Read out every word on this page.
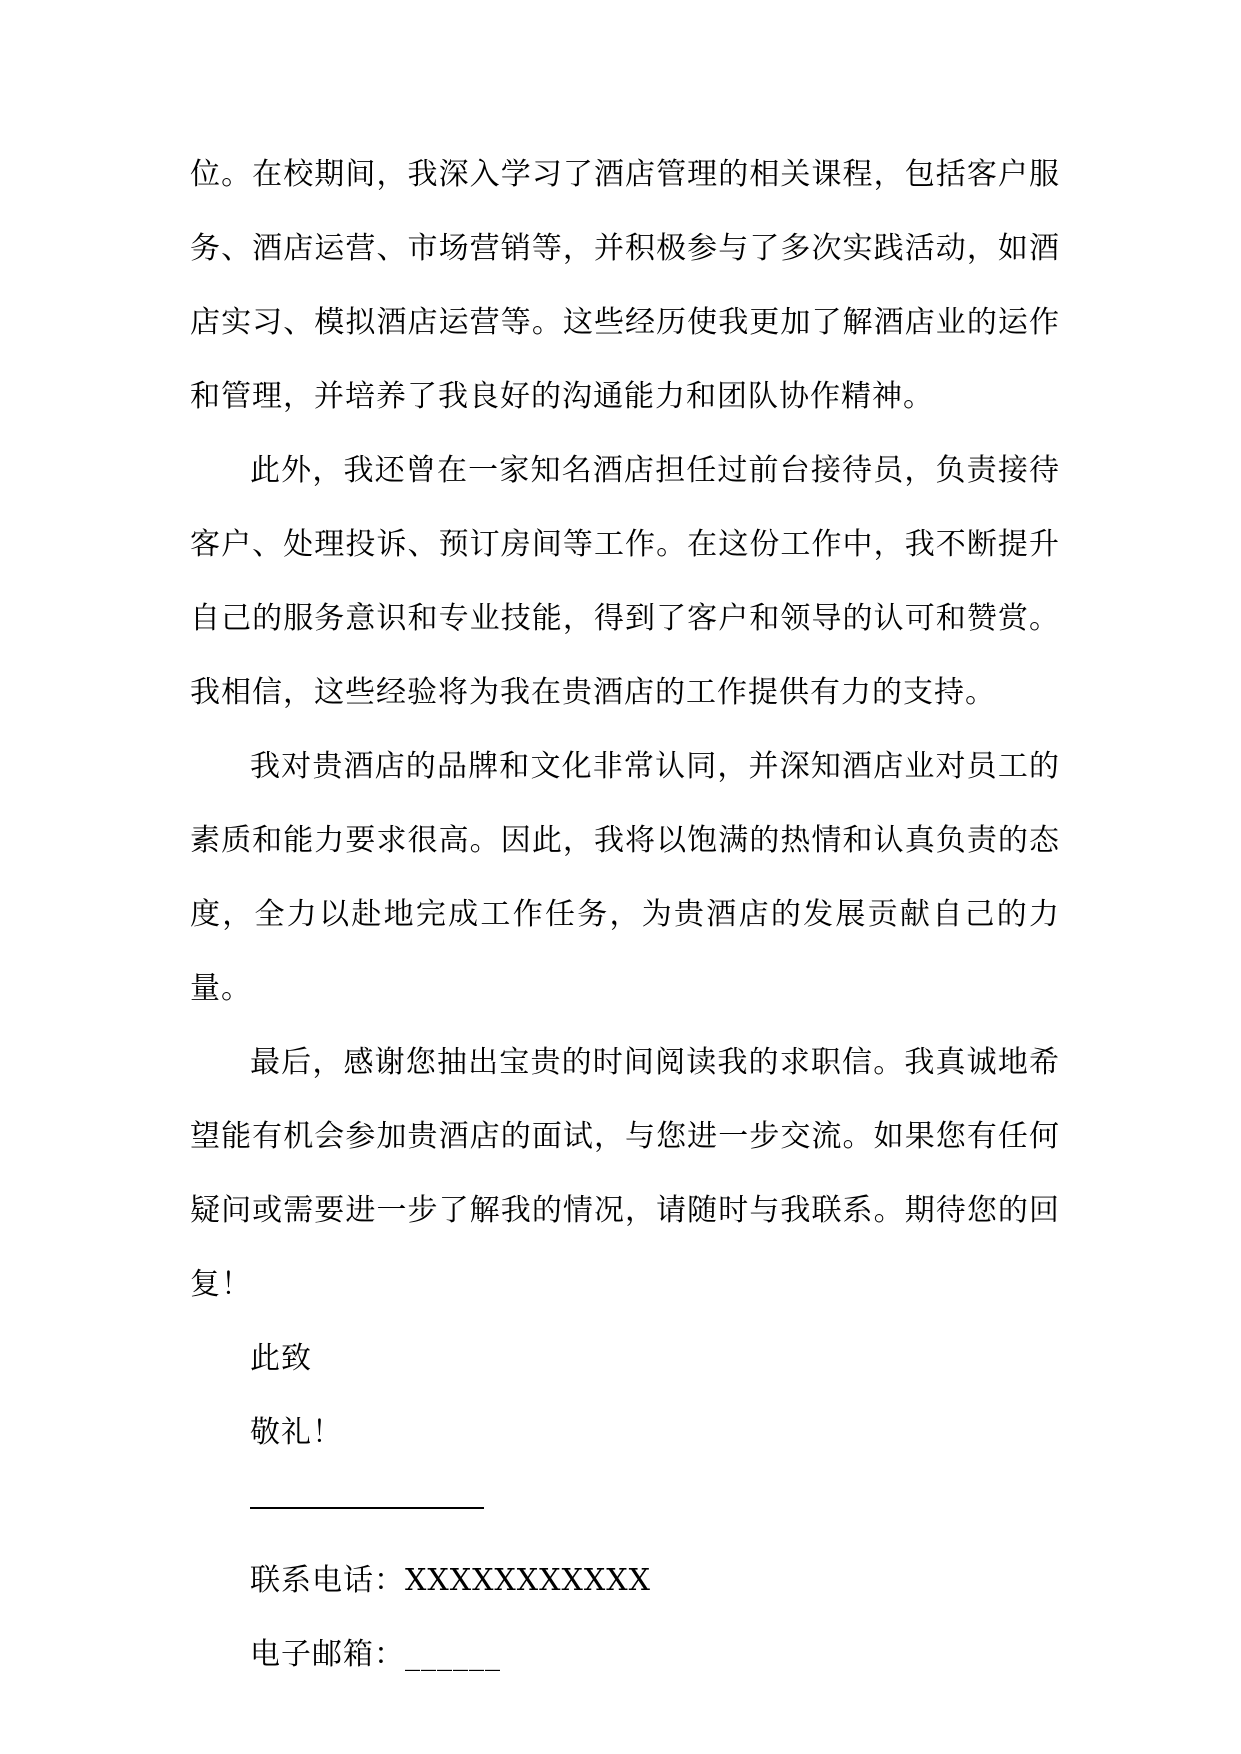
位。在校期间，我深入学习了酒店管理的相关课程，包括客户服务、酒店运营、市场营销等，并积极参与了多次实践活动，如酒店实习、模拟酒店运营等。这些经历使我更加了解酒店业的运作和管理，并培养了我良好的沟通能力和团队协作精神。

此外，我还曾在一家知名酒店担任过前台接待员，负责接待客户、处理投诉、预订房间等工作。在这份工作中，我不断提升自己的服务意识和专业技能，得到了客户和领导的认可和赞赏。我相信，这些经验将为我在贵酒店的工作提供有力的支持。

我对贵酒店的品牌和文化非常认同，并深知酒店业对员工的素质和能力要求很高。因此，我将以饱满的热情和认真负责的态度，全力以赴地完成工作任务，为贵酒店的发展贡献自己的力量。

最后，感谢您抽出宝贵的时间阅读我的求职信。我真诚地希望能有机会参加贵酒店的面试，与您进一步交流。如果您有任何疑问或需要进一步了解我的情况，请随时与我联系。期待您的回复！

此致

敬礼！

联系电话：XXXXXXXXXXX

电子邮箱：______
